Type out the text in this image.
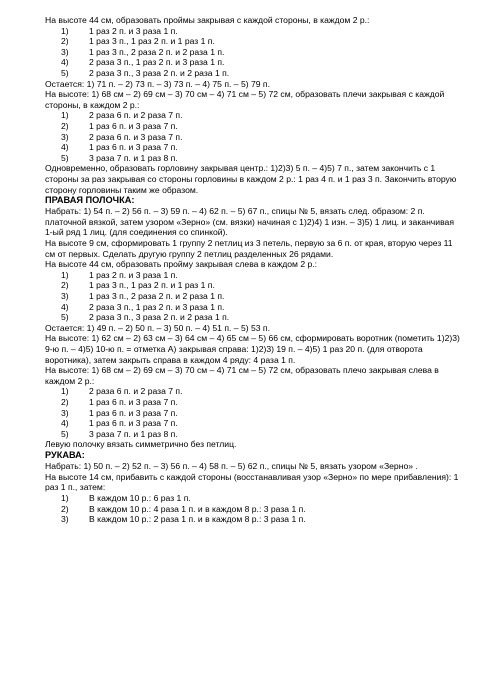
На высоте 44 см, образовать проймы закрывая с каждой стороны, в каждом 2 р.:

1) 1 раз 2 п. и 3 раза 1 п.
2) 1 раз 3 п., 1 раз 2 п. и 1 раз 1 п.
3) 1 раз 3 п., 2 раза 2 п. и 2 раза 1 п.
4) 2 раза 3 п., 1 раз 2 п. и 3 раза 1 п.
5) 2 раза 3 п., 3 раза 2 п. и 2 раза 1 п.

Остается: 1) 71 п. – 2) 73 п. – 3) 73 п. – 4) 75 п. – 5) 79 п.

На высоте: 1) 68 см – 2) 69 см – 3) 70 см – 4) 71 см – 5) 72 см, образовать плечи закрывая с каждой стороны, в каждом 2 р.:

1) 2 раза 6 п. и 2 раза 7 п.
2) 1 раз 6 п. и 3 раза 7 п.
3) 2 раза 6 п. и 3 раза 7 п.
4) 1 раз 6 п. и 3 раза 7 п.
5) 3 раза 7 п. и 1 раз 8 п.

Одновременно, образовать горловину закрывая центр.: 1)2)3) 5 п. – 4)5) 7 п., затем закончить с 1 стороны за раз закрывая со стороны горловины в каждом 2 р.: 1 раз 4 п. и 1 раз 3 п. Закончить вторую сторону горловины таким же образом.

ПРАВАЯ ПОЛОЧКА:

Набрать: 1) 54 п. – 2) 56 п. – 3) 59 п. – 4) 62 п. – 5) 67 п., спицы № 5, вязать след. образом: 2 п. платочной вязкой, затем узором «Зерно» (см. вязки) начиная с 1)2)4) 1 изн. – 3)5) 1 лиц. и заканчивая 1-ый ряд 1 лиц. (для соединения со спинкой).

На высоте 9 см, сформировать 1 группу 2 петлиц из 3 петель, первую за 6 п. от края, вторую через 11 см от первых. Сделать другую группу 2 петлиц разделенных 26 рядами.

На высоте 44 см, образовать пройму закрывая слева в каждом 2 р.:

1) 1 раз 2 п. и 3 раза 1 п.
2) 1 раз 3 п., 1 раз 2 п. и 1 раз 1 п.
3) 1 раз 3 п., 2 раза 2 п. и 2 раза 1 п.
4) 2 раза 3 п., 1 раз 2 п. и 3 раза 1 п.
5) 2 раза 3 п., 3 раза 2 п. и 2 раза 1 п.

Остается: 1) 49 п. – 2) 50 п. – 3) 50 п. – 4) 51 п. – 5) 53 п.

На высоте: 1) 62 см – 2) 63 см – 3) 64 см – 4) 65 см – 5) 66 см, сформировать воротник (пометить 1)2)3) 9-ю п. – 4)5) 10-ю п. = отметка А) закрывая справа: 1)2)3) 19 п. – 4)5) 1 раз 20 п. (для отворота воротника), затем закрыть справа в каждом 4 ряду: 4 раза 1 п.

На высоте: 1) 68 см – 2) 69 см – 3) 70 см – 4) 71 см – 5) 72 см, образовать плечо закрывая слева в каждом 2 р.:

1) 2 раза 6 п. и 2 раза 7 п.
2) 1 раз 6 п. и 3 раза 7 п.
3) 1 раз 6 п. и 3 раза 7 п.
4) 1 раз 6 п. и 3 раза 7 п.
5) 3 раза 7 п. и 1 раз 8 п.

Левую полочку вязать симметрично без петлиц.

РУКАВА:

Набрать: 1) 50 п. – 2) 52 п. – 3) 56 п. – 4) 58 п. – 5) 62 п., спицы № 5, вязать узором «Зерно» .

На высоте 14 см, прибавить с каждой стороны (восстанавливая узор «Зерно» по мере прибавления): 1 раз 1 п., затем:

1) В каждом 10 р.: 6 раз 1 п.
2) В каждом 10 р.: 4 раза 1 п. и в каждом 8 р.: 3 раза 1 п.
3) В каждом 10 р.: 2 раза 1 п. и в каждом 8 р.: 3 раза 1 п.
